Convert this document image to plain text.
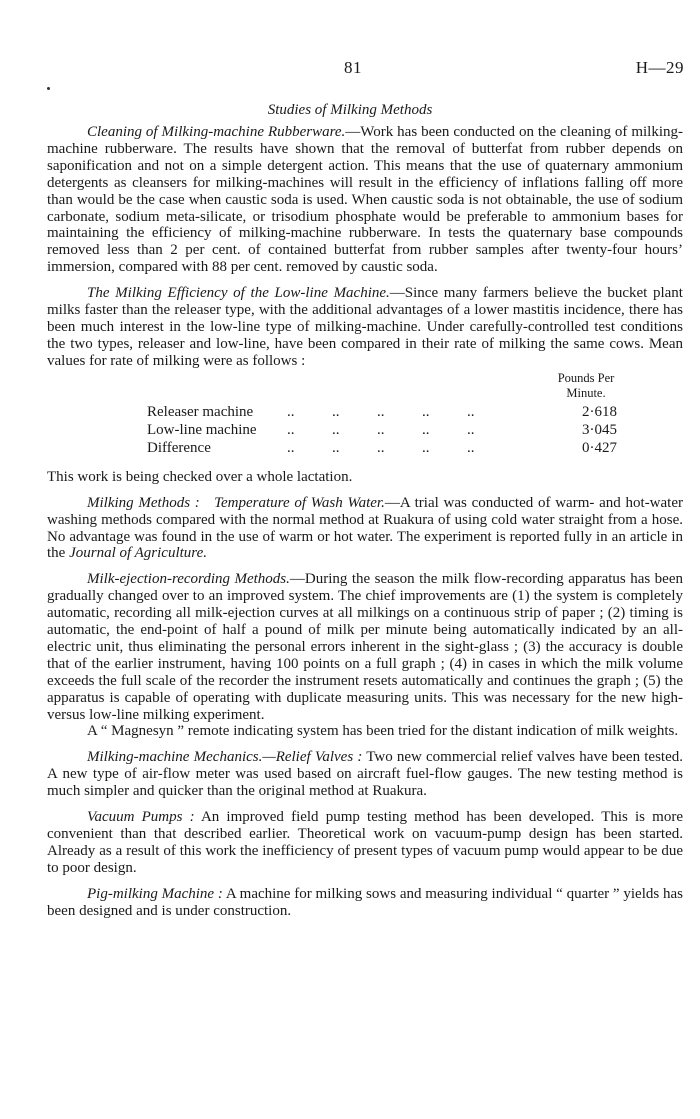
81	H—29
Studies of Milking Methods

Cleaning of Milking-machine Rubberware.—Work has been conducted on the cleaning of milking-machine rubberware. The results have shown that the removal of butterfat from rubber depends on saponification and not on a simple detergent action. This means that the use of quaternary ammonium detergents as cleansers for milking-machines will result in the efficiency of inflations falling off more than would be the case when caustic soda is used. When caustic soda is not obtainable, the use of sodium carbonate, sodium meta-silicate, or trisodium phosphate would be preferable to ammonium bases for maintaining the efficiency of milking-machine rubberware. In tests the quaternary base compounds removed less than 2 per cent. of contained butterfat from rubber samples after twenty-four hours’ immersion, compared with 88 per cent. removed by caustic soda.

The Milking Efficiency of the Low-line Machine.—Since many farmers believe the bucket plant milks faster than the releaser type, with the additional advantages of a lower mastitis incidence, there has been much interest in the low-line type of milking-machine. Under carefully-controlled test conditions the two types, releaser and low-line, have been compared in their rate of milking the same cows. Mean values for rate of milking were as follows :

Pounds Per
Minute.
Releaser machine ..          ..          ..          ..          ..	2·618
Low-line machine ..          ..          ..          ..          ..	3·045
Difference	..          ..          ..          ..          ..	0·427
This work is being checked over a whole lactation.

Milking Methods : Temperature of Wash Water.—A trial was conducted of warm- and hot-water washing methods compared with the normal method at Ruakura of using cold water straight from a hose. No advantage was found in the use of warm or hot water. The experiment is reported fully in an article in the Journal of Agriculture.

Milk-ejection-recording Methods.—During the season the milk flow-recording apparatus has been gradually changed over to an improved system. The chief improvements are (1) the system is completely automatic, recording all milk-ejection curves at all milkings on a continuous strip of paper ; (2) timing is automatic, the end-point of half a pound of milk per minute being automatically indicated by an all-electric unit, thus eliminating the personal errors inherent in the sight-glass ; (3) the accuracy is double that of the earlier instrument, having 100 points on a full graph ; (4) in cases in which the milk volume exceeds the full scale of the recorder the instrument resets automatically and continues the graph ; (5) the apparatus is capable of operating with duplicate measuring units. This was necessary for the new high- versus low-line milking experiment.

A “ Magnesyn ” remote indicating system has been tried for the distant indication of milk weights.

Milking-machine Mechanics.—Relief Valves : Two new commercial relief valves have been tested. A new type of air-flow meter was used based on aircraft fuel-flow gauges. The new testing method is much simpler and quicker than the original method at Ruakura.

Vacuum Pumps : An improved field pump testing method has been developed. This is more convenient than that described earlier. Theoretical work on vacuum-pump design has been started. Already as a result of this work the inefficiency of present types of vacuum pump would appear to be due to poor design.

Pig-milking Machine : A machine for milking sows and measuring individual “ quarter ” yields has been designed and is under construction.
